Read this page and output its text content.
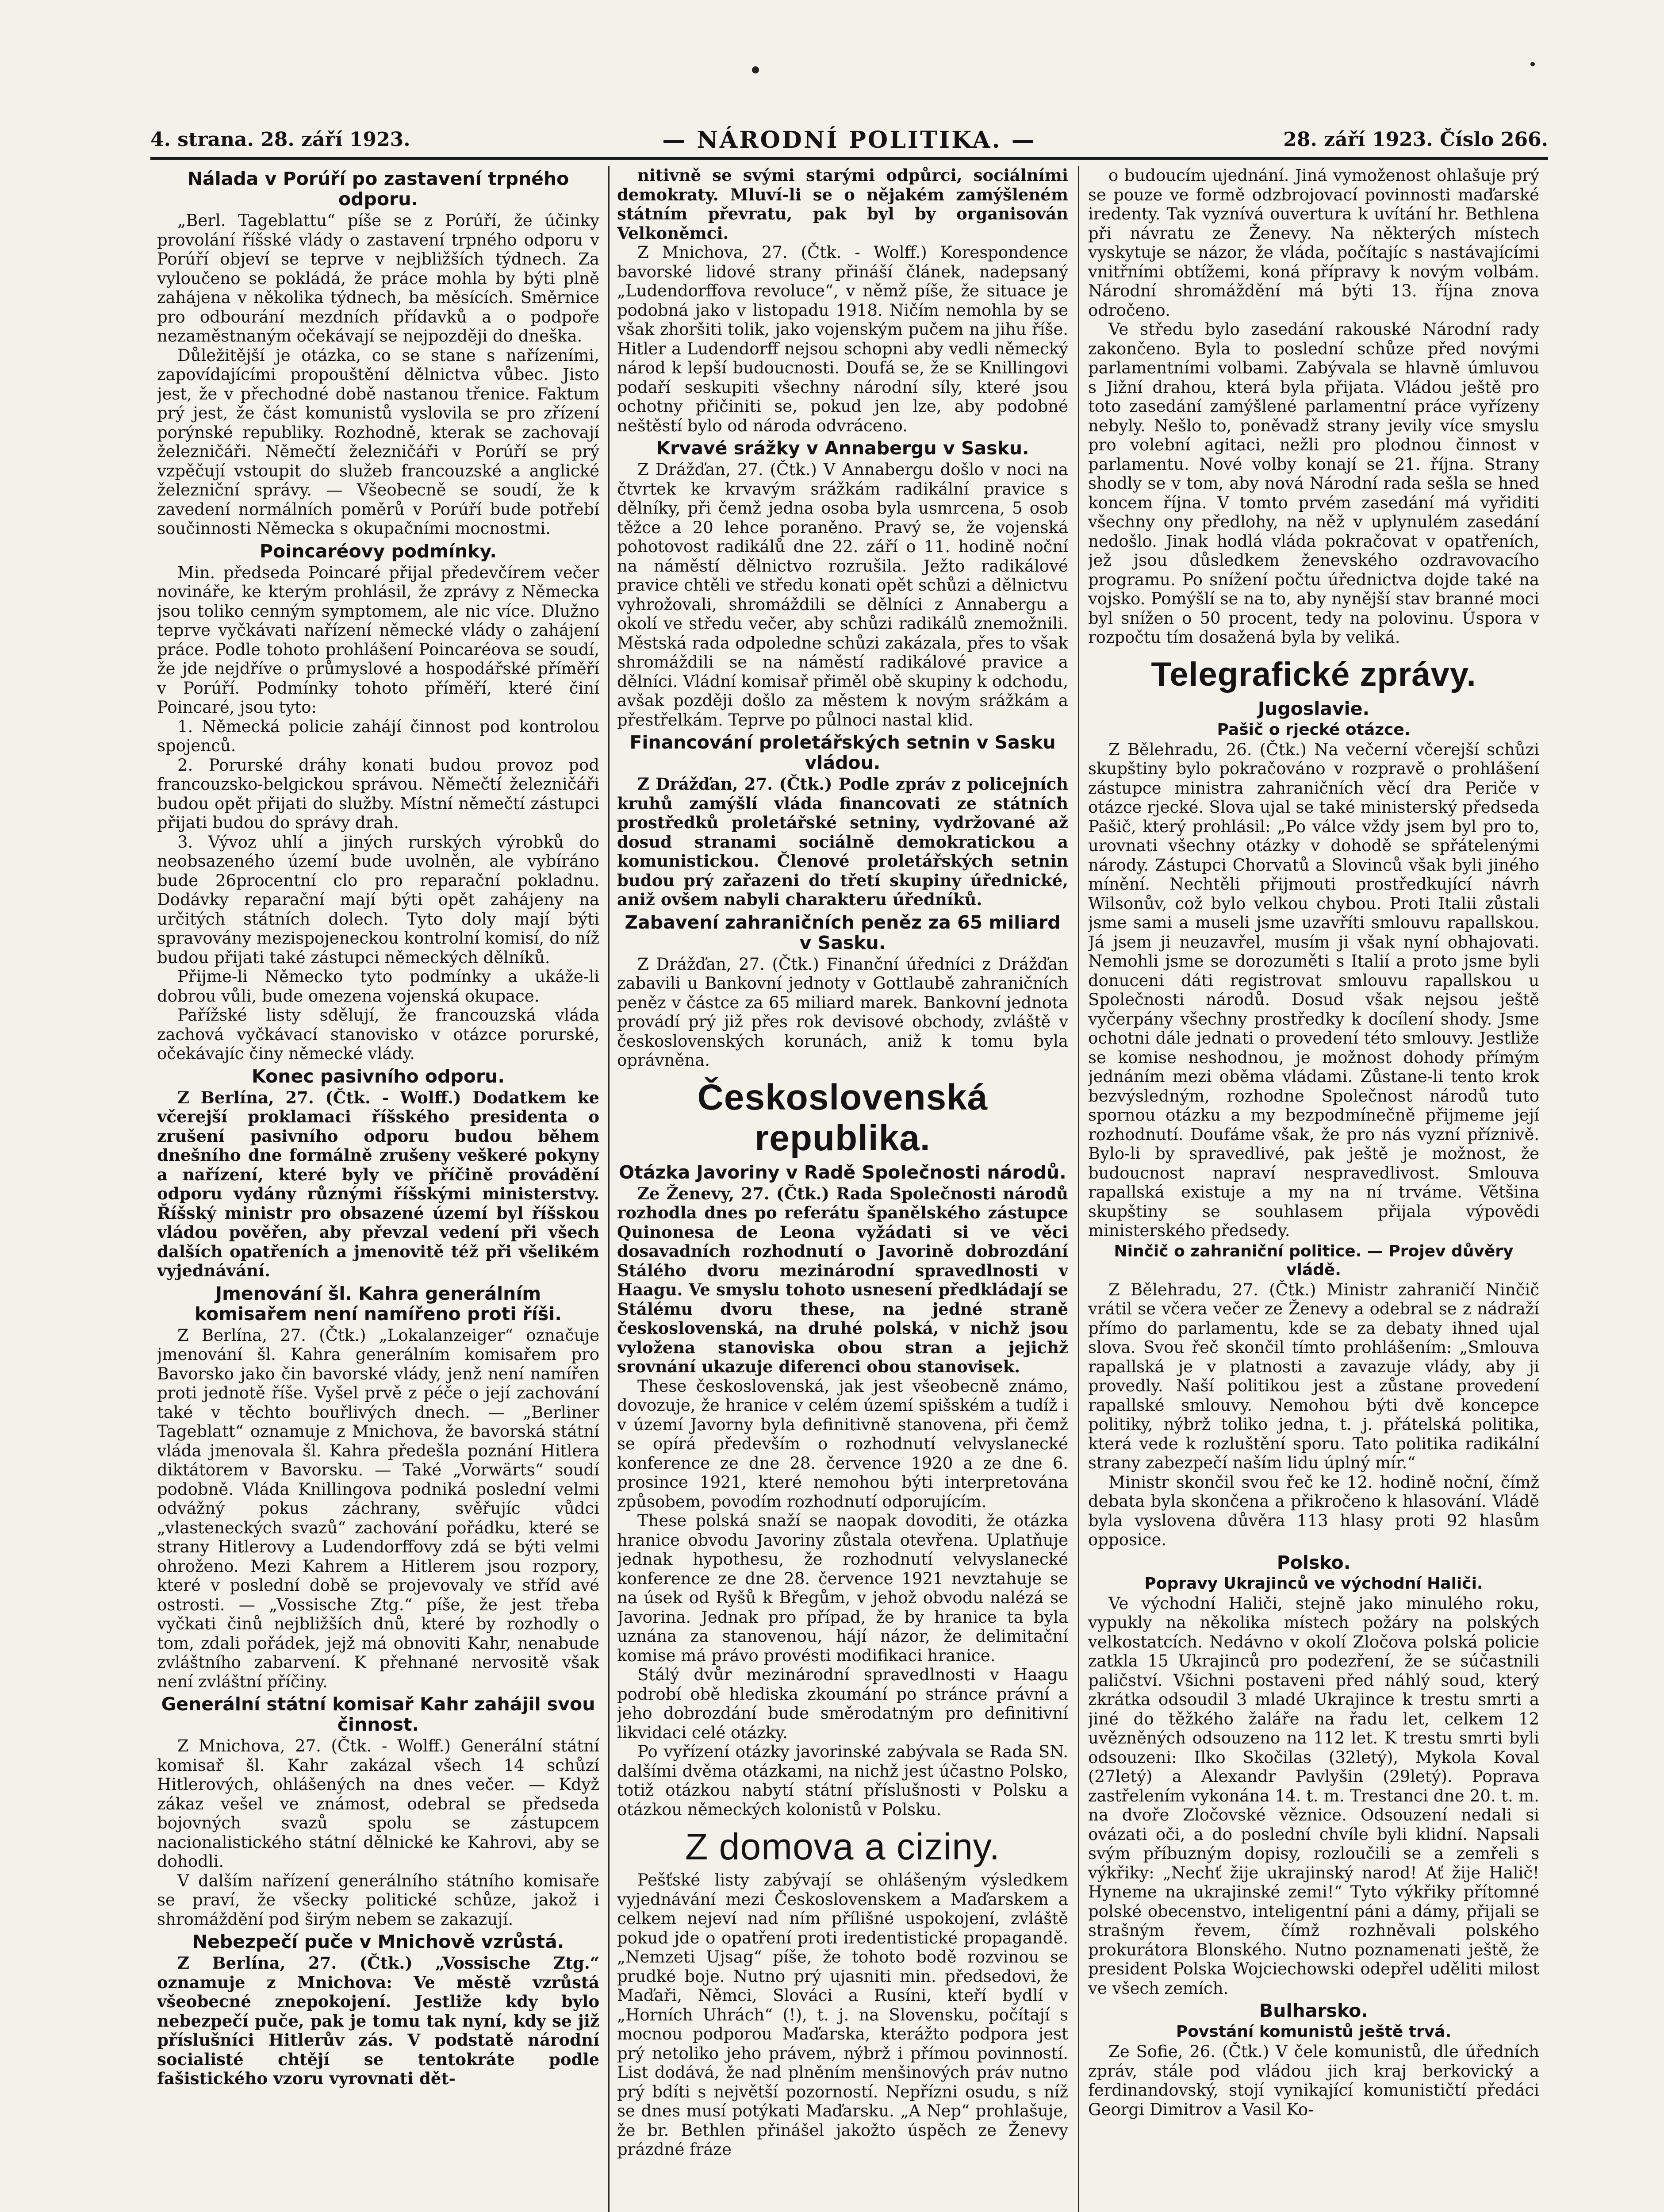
4. strana. 28. září 1923.	— NÁRODNÍ POLITIKA. —	28. září 1923. Číslo 266.
Nálada v Porúří po zastavení trpného odporu.

„Berl. Tageblattu“ píše se z Porúří, že účinky provolání říšské vlády o zastavení trpného odporu v Porúří objeví se teprve v nejbližších týdnech. Za vyloučeno se pokládá, že práce mohla by býti plně zahájena v několika týdnech, ba měsících. Směrnice pro odbourání mezdních přídavků a o podpoře nezaměstnaným očekávají se nejpozději do dneška.

Důležitější je otázka, co se stane s nařízeními, zapovídajícími propouštění dělnictva vůbec. Jisto jest, že v přechodné době nastanou třenice. Faktum prý jest, že část komunistů vyslovila se pro zřízení porýnské republiky. Rozhodně, kterak se zachovají železničáři. Němečtí železničáři v Porúří se prý vzpěčují vstoupit do služeb francouzské a anglické železniční správy. — Všeobecně se soudí, že k zavedení normálních poměrů v Porúří bude potřebí součinnosti Německa s okupačními mocnostmi.

Poincaréovy podmínky.

Min. předseda Poincaré přijal předevčírem večer novináře, ke kterým prohlásil, že zprávy z Německa jsou toliko cenným symptomem, ale nic více. Dlužno teprve vyčkávati nařízení německé vlády o zahájení práce. Podle tohoto prohlášení Poincaréova se soudí, že jde nejdříve o průmyslové a hospodářské příměří v Porúří. Podmínky tohoto příměří, které činí Poincaré, jsou tyto:

1. Německá policie zahájí činnost pod kontrolou spojenců.

2. Porurské dráhy konati budou provoz pod francouzsko-belgickou správou. Němečtí železničáři budou opět přijati do služby. Místní němečtí zástupci přijati budou do správy drah.

3. Vývoz uhlí a jiných rurských výrobků do neobsazeného území bude uvolněn, ale vybíráno bude 26procentní clo pro reparační pokladnu. Dodávky reparační mají býti opět zahájeny na určitých státních dolech. Tyto doly mají býti spravovány mezispojeneckou kontrolní komisí, do níž budou přijati také zástupci německých dělníků.

Přijme-li Německo tyto podmínky a ukáže-li dobrou vůli, bude omezena vojenská okupace.

Pařížské listy sdělují, že francouzská vláda zachová vyčkávací stanovisko v otázce porurské, očekávajíc činy německé vlády.

Konec pasivního odporu.

Z Berlína, 27. (Čtk. - Wolff.) Dodatkem ke včerejší proklamaci říšského presidenta o zrušení pasivního odporu budou během dnešního dne formálně zrušeny veškeré pokyny a nařízení, které byly ve příčině provádění odporu vydány různými říšskými ministerstvy. Říšský ministr pro obsazené území byl říšskou vládou pověřen, aby převzal vedení při všech dalších opatřeních a jmenovitě též při všelikém vyjednávání.

Jmenování šl. Kahra generálním komisařem není namířeno proti říši.

Z Berlína, 27. (Čtk.) „Lokalanzeiger“ označuje jmenování šl. Kahra generálním komisařem pro Bavorsko jako čin bavorské vlády, jenž není namířen proti jednotě říše. Vyšel prvě z péče o její zachování také v těchto bouřlivých dnech. — „Berliner Tageblatt“ oznamuje z Mnichova, že bavorská státní vláda jmenovala šl. Kahra předešla poznání Hitlera diktátorem v Bavorsku. — Také „Vorwärts“ soudí podobně. Vláda Knillingova podniká poslední velmi odvážný pokus záchrany, svěřujíc vůdci „vlasteneckých svazů“ zachování pořádku, které se strany Hitlerovy a Ludendorffovy zdá se býti velmi ohroženo. Mezi Kahrem a Hitlerem jsou rozpory, které v poslední době se projevovaly ve stříd avé ostrosti. — „Vossische Ztg.“ píše, že jest třeba vyčkati činů nejbližších dnů, které by rozhodly o tom, zdali pořádek, jejž má obnoviti Kahr, nenabude zvláštního zabarvení. K přehnané nervositě však není zvláštní příčiny.

Generální státní komisař Kahr zahájil svou činnost.

Z Mnichova, 27. (Čtk. - Wolff.) Generální státní komisař šl. Kahr zakázal všech 14 schůzí Hitlerových, ohlášených na dnes večer. — Když zákaz vešel ve známost, odebral se předseda bojovných svazů spolu se zástupcem nacionalistického státní dělnické ke Kahrovi, aby se dohodli.

V dalším nařízení generálního státního komisaře se praví, že všecky politické schůze, jakož i shromáždění pod širým nebem se zakazují.

Nebezpečí puče v Mnichově vzrůstá.

Z Berlína, 27. (Čtk.) „Vossische Ztg.“ oznamuje z Mnichova: Ve městě vzrůstá všeobecné znepokojení. Jestliže kdy bylo nebezpečí puče, pak je tomu tak nyní, kdy se již příslušníci Hitlerův zás. V podstatě národní socialisté chtějí se tentokráte podle fašistického vzoru vyrovnati dět-

nitivně se svými starými odpůrci, sociálními demokraty. Mluví-li se o nějakém zamýšleném státním převratu, pak byl by organisován Velkoněmci.

Z Mnichova, 27. (Čtk. - Wolff.) Korespondence bavorské lidové strany přináší článek, nadepsaný „Ludendorffova revoluce“, v němž píše, že situace je podobná jako v listopadu 1918. Ničím nemohla by se však zhoršiti tolik, jako vojenským pučem na jihu říše. Hitler a Ludendorff nejsou schopni aby vedli německý národ k lepší budoucnosti. Doufá se, že se Knillingovi podaří seskupiti všechny národní síly, které jsou ochotny přičiniti se, pokud jen lze, aby podobné neštěstí bylo od národa odvráceno.

Krvavé srážky v Annabergu v Sasku.

Z Drážďan, 27. (Čtk.) V Annabergu došlo v noci na čtvrtek ke krvavým srážkám radikální pravice s dělníky, při čemž jedna osoba byla usmrcena, 5 osob těžce a 20 lehce poraněno. Pravý se, že vojenská pohotovost radikálů dne 22. září o 11. hodině noční na náměstí dělnictvo rozrušila. Ježto radikálové pravice chtěli ve středu konati opět schůzi a dělnictvu vyhrožovali, shromáždili se dělníci z Annabergu a okolí ve středu večer, aby schůzi radikálů znemožnili. Městská rada odpoledne schůzi zakázala, přes to však shromáždili se na náměstí radikálové pravice a dělníci. Vládní komisař přiměl obě skupiny k odchodu, avšak později došlo za městem k novým srážkám a přestřelkám. Teprve po půlnoci nastal klid.

Financování proletářských setnin v Sasku vládou.

Z Drážďan, 27. (Čtk.) Podle zpráv z policejních kruhů zamýšlí vláda financovati ze státních prostředků proletářské setniny, vydržované až dosud stranami sociálně demokratickou a komunistickou. Členové proletářských setnin budou prý zařazeni do třetí skupiny úřednické, aniž ovšem nabyli charakteru úředníků.

Zabavení zahraničních peněz za 65 miliard v Sasku.

Z Drážďan, 27. (Čtk.) Finanční úředníci z Drážďan zabavili u Bankovní jednoty v Gottlaubě zahraničních peněz v částce za 65 miliard marek. Bankovní jednota provádí prý již přes rok devisové obchody, zvláště v československých korunách, aniž k tomu byla oprávněna.

Československá republika.
Otázka Javoriny v Radě Společnosti národů.

Ze Ženevy, 27. (Čtk.) Rada Společnosti národů rozhodla dnes po referátu španělského zástupce Quinonesa de Leona vyžádati si ve věci dosavadních rozhodnutí o Javorině dobrozdání Stálého dvoru mezinárodní spravedlnosti v Haagu. Ve smyslu tohoto usnesení předkládají se Stálému dvoru these, na jedné straně československá, na druhé polská, v nichž jsou vyložena stanoviska obou stran a jejichž srovnání ukazuje diferenci obou stanovisek.

These československá, jak jest všeobecně známo, dovozuje, že hranice v celém území spišském a tudíž i v území Javorny byla definitivně stanovena, při čemž se opírá především o rozhodnutí velvyslanecké konference ze dne 28. července 1920 a ze dne 6. prosince 1921, které nemohou býti interpretována způsobem, povodím rozhodnutí odporujícím.

These polská snaží se naopak dovoditi, že otázka hranice obvodu Javoriny zůstala otevřena. Uplatňuje jednak hypothesu, že rozhodnutí velvyslanecké konference ze dne 28. července 1921 nevztahuje se na úsek od Ryšů k Břegům, v jehož obvodu nalézá se Javorina. Jednak pro případ, že by hranice ta byla uznána za stanovenou, hájí názor, že delimitační komise má právo provésti modifikaci hranice.

Stálý dvůr mezinárodní spravedlnosti v Haagu podrobí obě hlediska zkoumání po stránce právní a jeho dobrozdání bude směrodatným pro definitivní likvidaci celé otázky.

Po vyřízení otázky javorinské zabývala se Rada SN. dalšími dvěma otázkami, na nichž jest účastno Polsko, totiž otázkou nabytí státní příslušnosti v Polsku a otázkou německých kolonistů v Polsku.

Z domova a ciziny.

Pešťské listy zabývají se ohlášeným výsledkem vyjednávání mezi Československem a Maďarskem a celkem nejeví nad ním přílišné uspokojení, zvláště pokud jde o opatření proti iredentistické propagandě. „Nemzeti Ujsag“ píše, že tohoto bodě rozvinou se prudké boje. Nutno prý ujasniti min. předsedovi, že Maďaři, Němci, Slováci a Rusíni, kteří bydlí v „Horních Uhrách“ (!), t. j. na Slovensku, počítají s mocnou podporou Maďarska, kterážto podpora jest prý netoliko jeho právem, nýbrž i přímou povinností. List dodává, že nad plněním menšinových práv nutno prý bdíti s největší pozorností. Nepřízni osudu, s níž se dnes musí potýkati Maďarsku. „A Nep“ prohlašuje, že br. Bethlen přinášel jakožto úspěch ze Ženevy prázdné fráze

o budoucím ujednání. Jiná vymoženost ohlašuje prý se pouze ve formě odzbrojovací povinnosti maďarské iredenty. Tak vyznívá ouvertura k uvítání hr. Bethlena při návratu ze Ženevy. Na některých místech vyskytuje se názor, že vláda, počítajíc s nastávajícími vnitřními obtížemi, koná přípravy k novým volbám. Národní shromáždění má býti 13. října znova odročeno.

Ve středu bylo zasedání rakouské Národní rady zakončeno. Byla to poslední schůze před novými parlamentními volbami. Zabývala se hlavně úmluvou s Jižní drahou, která byla přijata. Vládou ještě pro toto zasedání zamýšlené parlamentní práce vyřízeny nebyly. Nešlo to, poněvadž strany jevily více smyslu pro volební agitaci, nežli pro plodnou činnost v parlamentu. Nové volby konají se 21. října. Strany shodly se v tom, aby nová Národní rada sešla se hned koncem října. V tomto prvém zasedání má vyřiditi všechny ony předlohy, na něž v uplynulém zasedání nedošlo. Jinak hodlá vláda pokračovat v opatřeních, jež jsou důsledkem ženevského ozdravovacího programu. Po snížení počtu úřednictva dojde také na vojsko. Pomýšlí se na to, aby nynější stav branné moci byl snížen o 50 procent, tedy na polovinu. Úspora v rozpočtu tím dosažená byla by veliká.

Telegrafické zprávy.
Jugoslavie.
Pašič o rjecké otázce.

Z Bělehradu, 26. (Čtk.) Na večerní včerejší schůzi skupštiny bylo pokračováno v rozpravě o prohlášení zástupce ministra zahraničních věcí dra Periče v otázce rjecké. Slova ujal se také ministerský předseda Pašič, který prohlásil: „Po válce vždy jsem byl pro to, urovnati všechny otázky v dohodě se spřátelenými národy. Zástupci Chorvatů a Slovinců však byli jiného mínění. Nechtěli přijmouti prostředkující návrh Wilsonův, což bylo velkou chybou. Proti Italii zůstali jsme sami a museli jsme uzavříti smlouvu rapallskou. Já jsem ji neuzavřel, musím ji však nyní obhajovati. Nemohli jsme se dorozuměti s Italií a proto jsme byli donuceni dáti registrovat smlouvu rapallskou u Společnosti národů. Dosud však nejsou ještě vyčerpány všechny prostředky k docílení shody. Jsme ochotni dále jednati o provedení této smlouvy. Jestliže se komise neshodnou, je možnost dohody přímým jednáním mezi oběma vládami. Zůstane-li tento krok bezvýsledným, rozhodne Společnost národů tuto spornou otázku a my bezpodmínečně přijmeme její rozhodnutí. Doufáme však, že pro nás vyzní příznivě. Bylo-li by spravedlivé, pak ještě je možnost, že budoucnost napraví nespravedlivost. Smlouva rapallská existuje a my na ní trváme. Většina skupštiny se souhlasem přijala výpovědi ministerského předsedy.

Ninčič o zahraniční politice. — Projev důvěry vládě.

Z Bělehradu, 27. (Čtk.) Ministr zahraničí Ninčič vrátil se včera večer ze Ženevy a odebral se z nádraží přímo do parlamentu, kde se za debaty ihned ujal slova. Svou řeč skončil tímto prohlášením: „Smlouva rapallská je v platnosti a zavazuje vlády, aby ji provedly. Naší politikou jest a zůstane provedení rapallské smlouvy. Nemohou býti dvě koncepce politiky, nýbrž toliko jedna, t. j. přátelská politika, která vede k rozluštění sporu. Tato politika radikální strany zabezpečí naším lidu úplný mír.“

Ministr skončil svou řeč ke 12. hodině noční, čímž debata byla skončena a přikročeno k hlasování. Vládě byla vyslovena důvěra 113 hlasy proti 92 hlasům opposice.

Polsko.
Popravy Ukrajinců ve východní Haliči.

Ve východní Haliči, stejně jako minulého roku, vypukly na několika místech požáry na polských velkostatcích. Nedávno v okolí Zločova polská policie zatkla 15 Ukrajinců pro podezření, že se súčastnili paličství. Všichni postaveni před náhlý soud, který zkrátka odsoudil 3 mladé Ukrajince k trestu smrti a jiné do těžkého žaláře na řadu let, celkem 12 uvězněných odsouzeno na 112 let. K trestu smrti byli odsouzeni: Ilko Skočilas (32letý), Mykola Koval (27letý) a Alexandr Pavlyšin (29letý). Poprava zastřelením vykonána 14. t. m. Trestanci dne 20. t. m. na dvoře Zločovské věznice. Odsouzení nedali si ovázati oči, a do poslední chvíle byli klidní. Napsali svým příbuzným dopisy, rozloučili se a zemřeli s výkřiky: „Nechť žije ukrajinský narod! Ať žije Halič! Hyneme na ukrajinské zemi!“ Tyto výkřiky přítomné polské obecenstvo, inteligentní páni a dámy, přijali se strašným řevem, čímž rozhněvali polského prokurátora Blonského. Nutno poznamenati ještě, že president Polska Wojciechowski odepřel uděliti milost ve všech zemích.

Bulharsko.
Povstání komunistů ještě trvá.

Ze Sofie, 26. (Čtk.) V čele komunistů, dle úředních zpráv, stále pod vládou jich kraj berkovický a ferdinandovský, stojí vynikající komunističtí předáci Georgi Dimitrov a Vasil Ko-
